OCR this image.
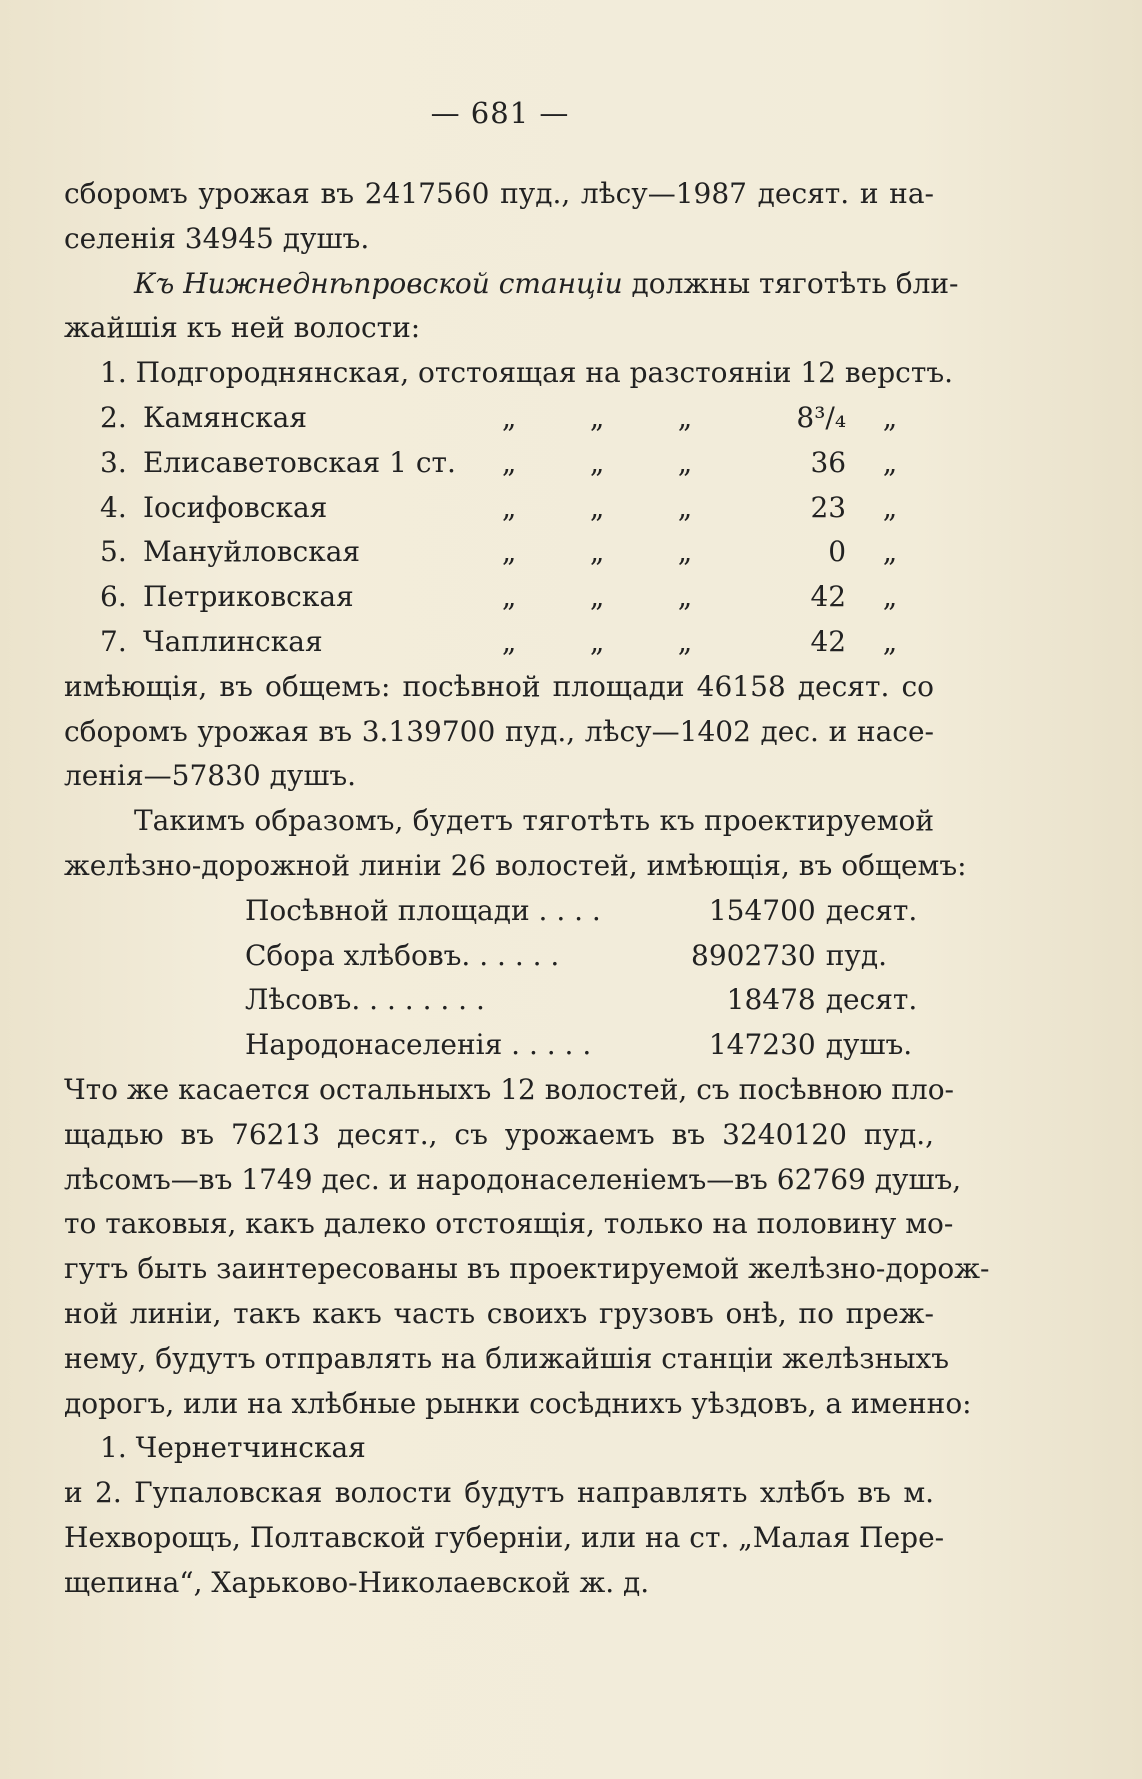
— 681 —
сборомъ урожая въ 2417560 пуд., лѣсу—1987 десят. и на-
селенія 34945 душъ.
Къ Нижнеднѣпровской станціи должны тяготѣть бли-
жайшія къ ней волости:
1. Подгороднянская, отстоящая на разстояніи 12 верстъ.
2. Камянская	„	„	„	8³/₄	„
3. Елисаветовская 1 ст.	„	„	„	36	„
4. Іосифовская	„	„	„	23	„
5. Мануйловская	„	„	„	0	„
6. Петриковская	„	„	„	42	„
7. Чаплинская	„	„	„	42	„
имѣющія, въ общемъ: посѣвной площади 46158 десят. со
сборомъ урожая въ 3.139700 пуд., лѣсу—1402 дес. и насе-
ленія—57830 душъ.
Такимъ образомъ, будетъ тяготѣть къ проектируемой
желѣзно-дорожной линіи 26 волостей, имѣющія, въ общемъ:
Посѣвной площади . . . .	154700 десят.
Сбора хлѣбовъ. . . . . .	8902730 пуд.
Лѣсовъ. . . . . . . .	18478 десят.
Народонаселенія . . . . .	147230 душъ.
Что же касается остальныхъ 12 волостей, съ посѣвною пло-
щадью въ 76213 десят., съ урожаемъ въ 3240120 пуд.,
лѣсомъ—въ 1749 дес. и народонаселеніемъ—въ 62769 душъ,
то таковыя, какъ далеко отстоящія, только на половину мо-
гутъ быть заинтересованы въ проектируемой желѣзно-дорож-
ной линіи, такъ какъ часть своихъ грузовъ онѣ, по преж-
нему, будутъ отправлять на ближайшія станціи желѣзныхъ
дорогъ, или на хлѣбные рынки сосѣднихъ уѣздовъ, а именно:
1. Чернетчинская
и 2. Гупаловская волости будутъ направлять хлѣбъ въ м.
Нехворощъ, Полтавской губерніи, или на ст. „Малая Пере-
щепина“, Харьково-Николаевской ж. д.
